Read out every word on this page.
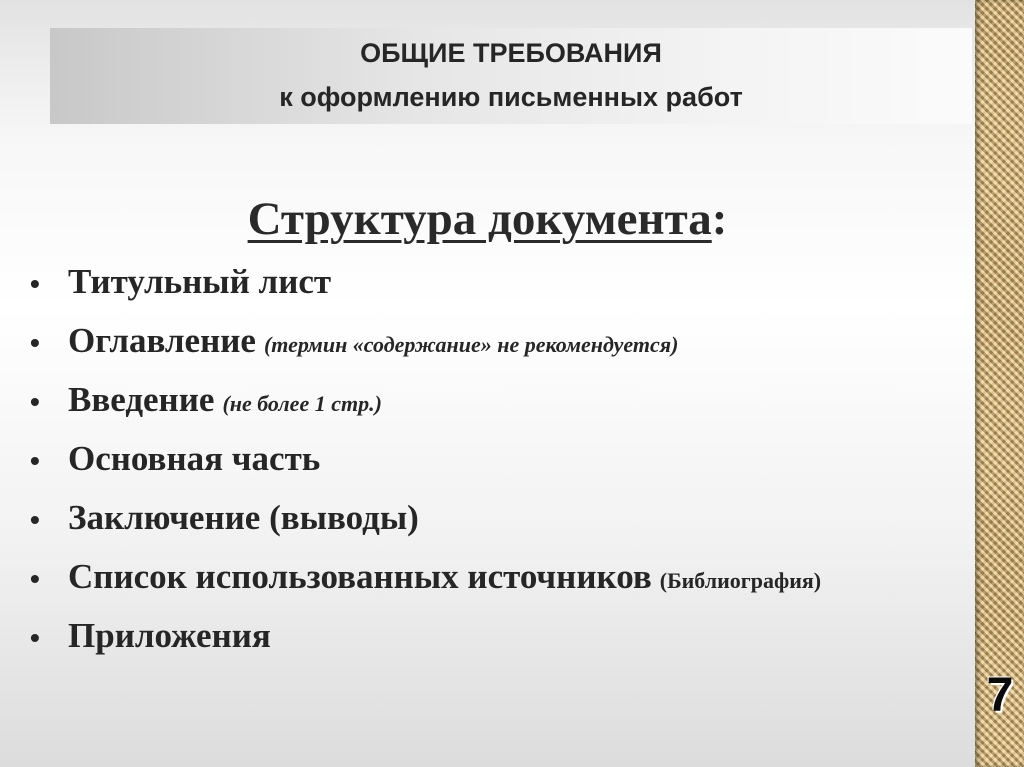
ОБЩИЕ ТРЕБОВАНИЯ

к оформлению письменных работ

Структура документа:
• Титульный лист
• Оглавление (термин «содержание» не рекомендуется)
• Введение (не более 1 стр.)
• Основная часть
• Заключение (выводы)
• Список использованных источников (Библиография)
• Приложения
7
